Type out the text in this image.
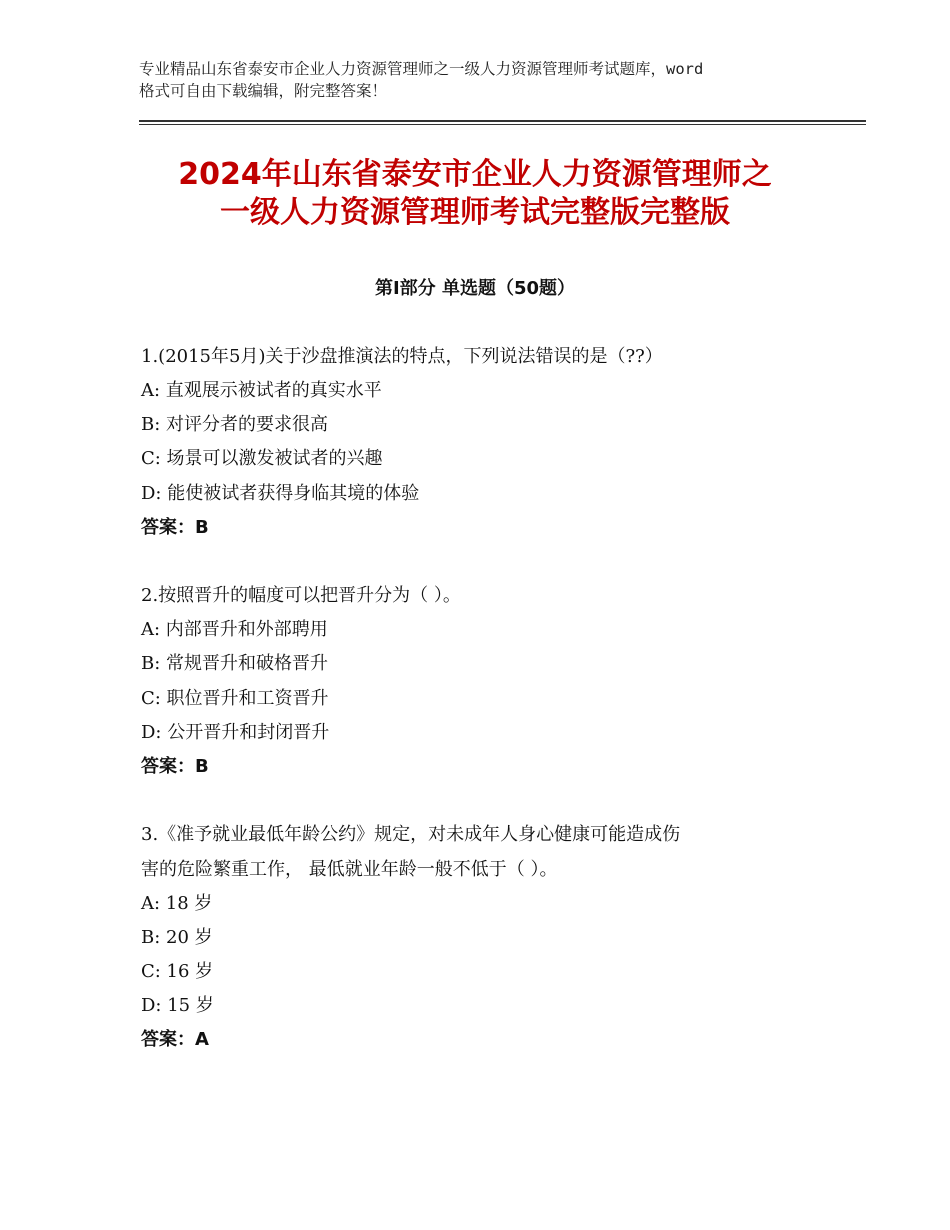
专业精品山东省泰安市企业人力资源管理师之一级人力资源管理师考试题库，word
格式可自由下载编辑，附完整答案！
2024年山东省泰安市企业人力资源管理师之
一级人力资源管理师考试完整版完整版
第Ⅰ部分 单选题（50题）
1.(2015年5月)关于沙盘推演法的特点，下列说法错误的是（??）
A: 直观展示被试者的真实水平
B: 对评分者的要求很高
C: 场景可以激发被试者的兴趣
D: 能使被试者获得身临其境的体验
答案：B
2.按照晋升的幅度可以把晋升分为（ ）。
A: 内部晋升和外部聘用
B: 常规晋升和破格晋升
C: 职位晋升和工资晋升
D: 公开晋升和封闭晋升
答案：B
3.《准予就业最低年龄公约》规定，对未成年人身心健康可能造成伤
害的危险繁重工作， 最低就业年龄一般不低于（ ）。
A: 18 岁
B: 20 岁
C: 16 岁
D: 15 岁
答案：A
